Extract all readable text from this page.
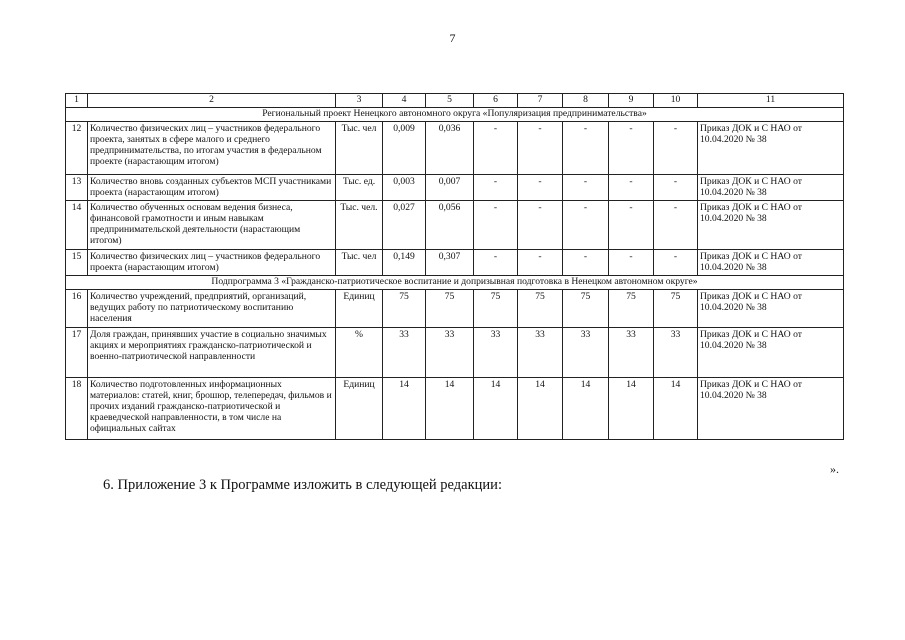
7
1	2	3	4	5	6	7	8	9	10	11
Региональный проект Ненецкого автономного округа «Популяризация предпринимательства»										
12	Количество физических лиц – участников федерального проекта, занятых в сфере малого и среднего предпринимательства, по итогам участия в федеральном проекте (нарастающим итогом)	Тыс. чел	0,009	0,036	-	-	-	-	-	Приказ ДОК и С НАО от 10.04.2020 № 38
13	Количество вновь созданных субъектов МСП участниками проекта (нарастающим итогом)	Тыс. ед.	0,003	0,007	-	-	-	-	-	Приказ ДОК и С НАО от 10.04.2020 № 38
14	Количество обученных основам ведения бизнеса, финансовой грамотности и иным навыкам предпринимательской деятельности (нарастающим итогом)	Тыс. чел.	0,027	0,056	-	-	-	-	-	Приказ ДОК и С НАО от 10.04.2020 № 38
15	Количество физических лиц – участников федерального проекта (нарастающим итогом)	Тыс. чел	0,149	0,307	-	-	-	-	-	Приказ ДОК и С НАО от 10.04.2020 № 38
Подпрограмма 3 «Гражданско-патриотическое воспитание и допризывная подготовка в Ненецком автономном округе»										
16	Количество учреждений, предприятий, организаций, ведущих работу по патриотическому воспитанию населения	Единиц	75	75	75	75	75	75	75	Приказ ДОК и С НАО от 10.04.2020 № 38
17	Доля граждан, принявших участие в социально значимых акциях и мероприятиях гражданско-патриотической и военно-патриотической направленности	%	33	33	33	33	33	33	33	Приказ ДОК и С НАО от 10.04.2020 № 38
18	Количество подготовленных информационных материалов: статей, книг, брошюр, телепередач, фильмов и прочих изданий гражданско-патриотической и краеведческой направленности, в том числе на официальных сайтах	Единиц	14	14	14	14	14	14	14	Приказ ДОК и С НАО от 10.04.2020 № 38
».
6. Приложение 3 к Программе изложить в следующей редакции:
